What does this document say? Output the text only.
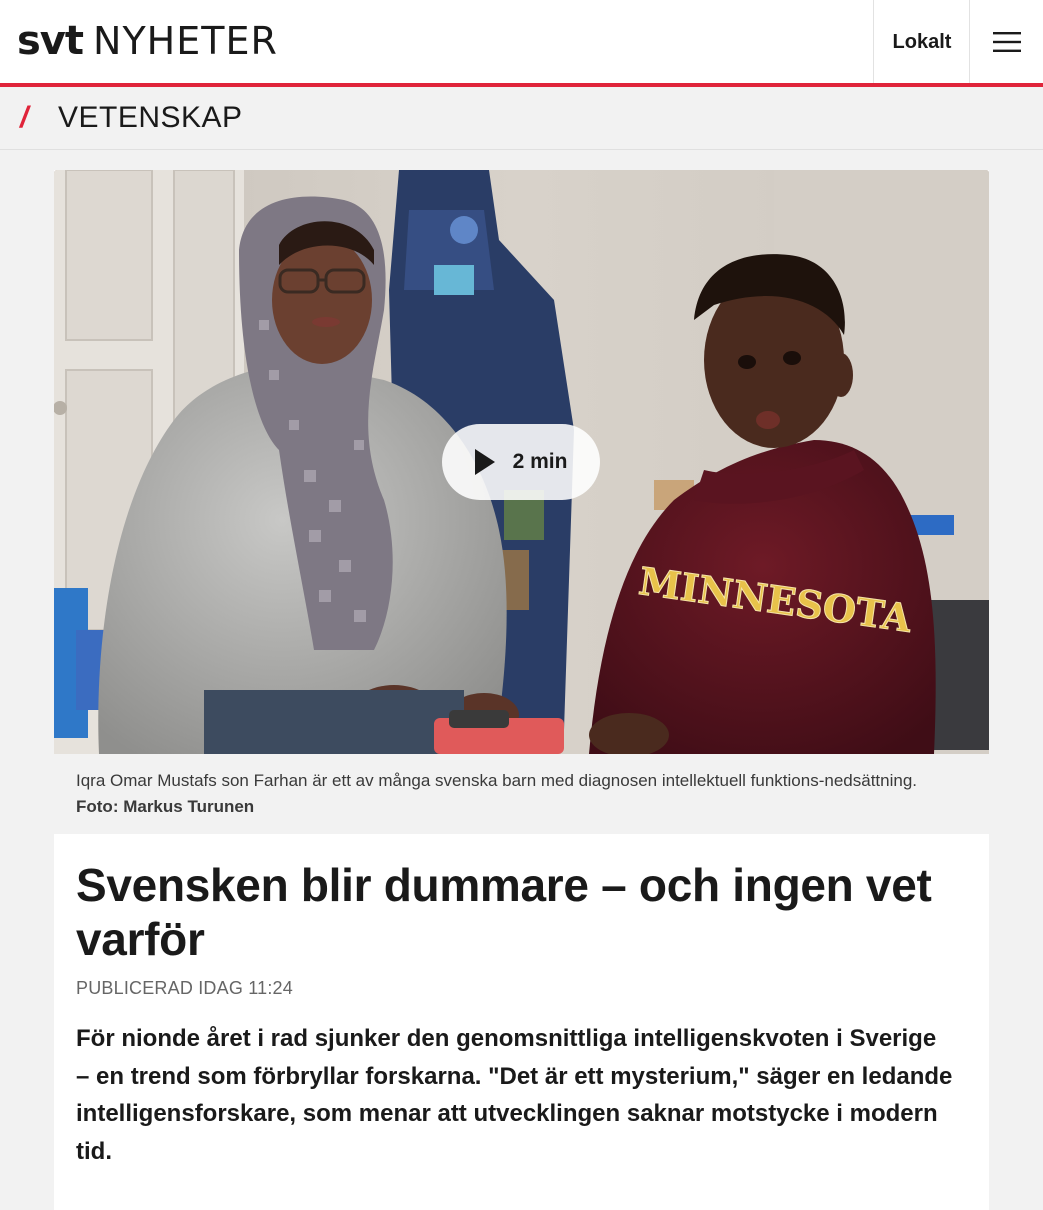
svt NYHETER	Lokalt
/ VETENSKAP
MINNESOTA
2 min
Iqra Omar Mustafs son Farhan är ett av många svenska barn med diagnosen intellektuell funktions-nedsättning. Foto: Markus Turunen
Svensken blir dummare – och ingen vet varför
PUBLICERAD IDAG 11:24

För nionde året i rad sjunker den genomsnittliga intelligenskvoten i Sverige – en trend som förbryllar forskarna. "Det är ett mysterium," säger en ledande intelligensforskare, som menar att utvecklingen saknar motstycke i modern tid.
